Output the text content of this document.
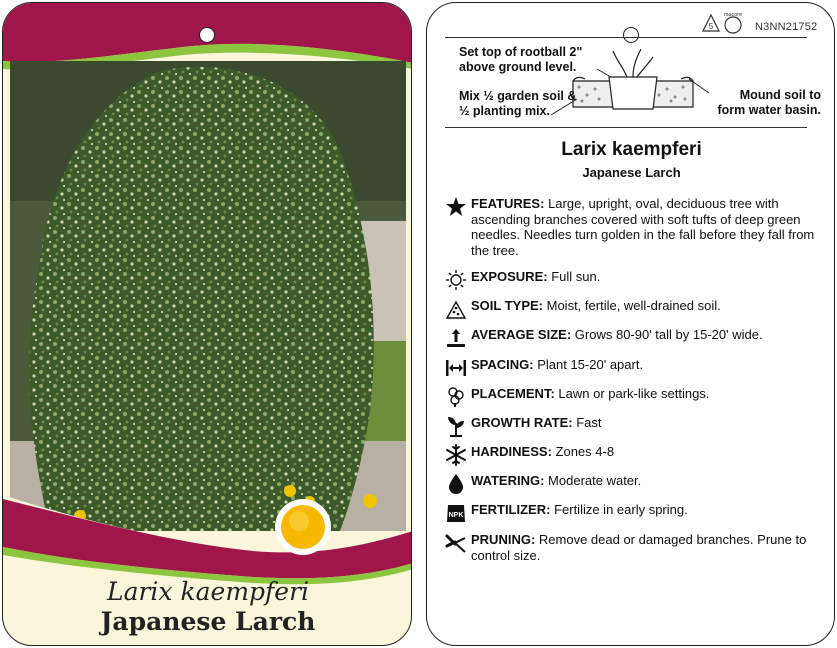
Larix kaempferi
Japanese Larch
5
macore
N3NN21752
Set top of rootball 2" above ground level.
Mix ½ garden soil & ½ planting mix.
Mound soil to form water basin.
Larix kaempferi
Japanese Larch
FEATURES: Large, upright, oval, deciduous tree with ascending branches covered with soft tufts of deep green needles. Needles turn golden in the fall before they fall from the tree.
EXPOSURE: Full sun.
SOIL TYPE: Moist, fertile, well-drained soil.
AVERAGE SIZE: Grows 80-90' tall by 15-20' wide.
SPACING: Plant 15-20' apart.
PLACEMENT: Lawn or park-like settings.
GROWTH RATE: Fast
HARDINESS: Zones 4-8
WATERING: Moderate water.
NPK FERTILIZER: Fertilize in early spring.
PRUNING: Remove dead or damaged branches. Prune to control size.
